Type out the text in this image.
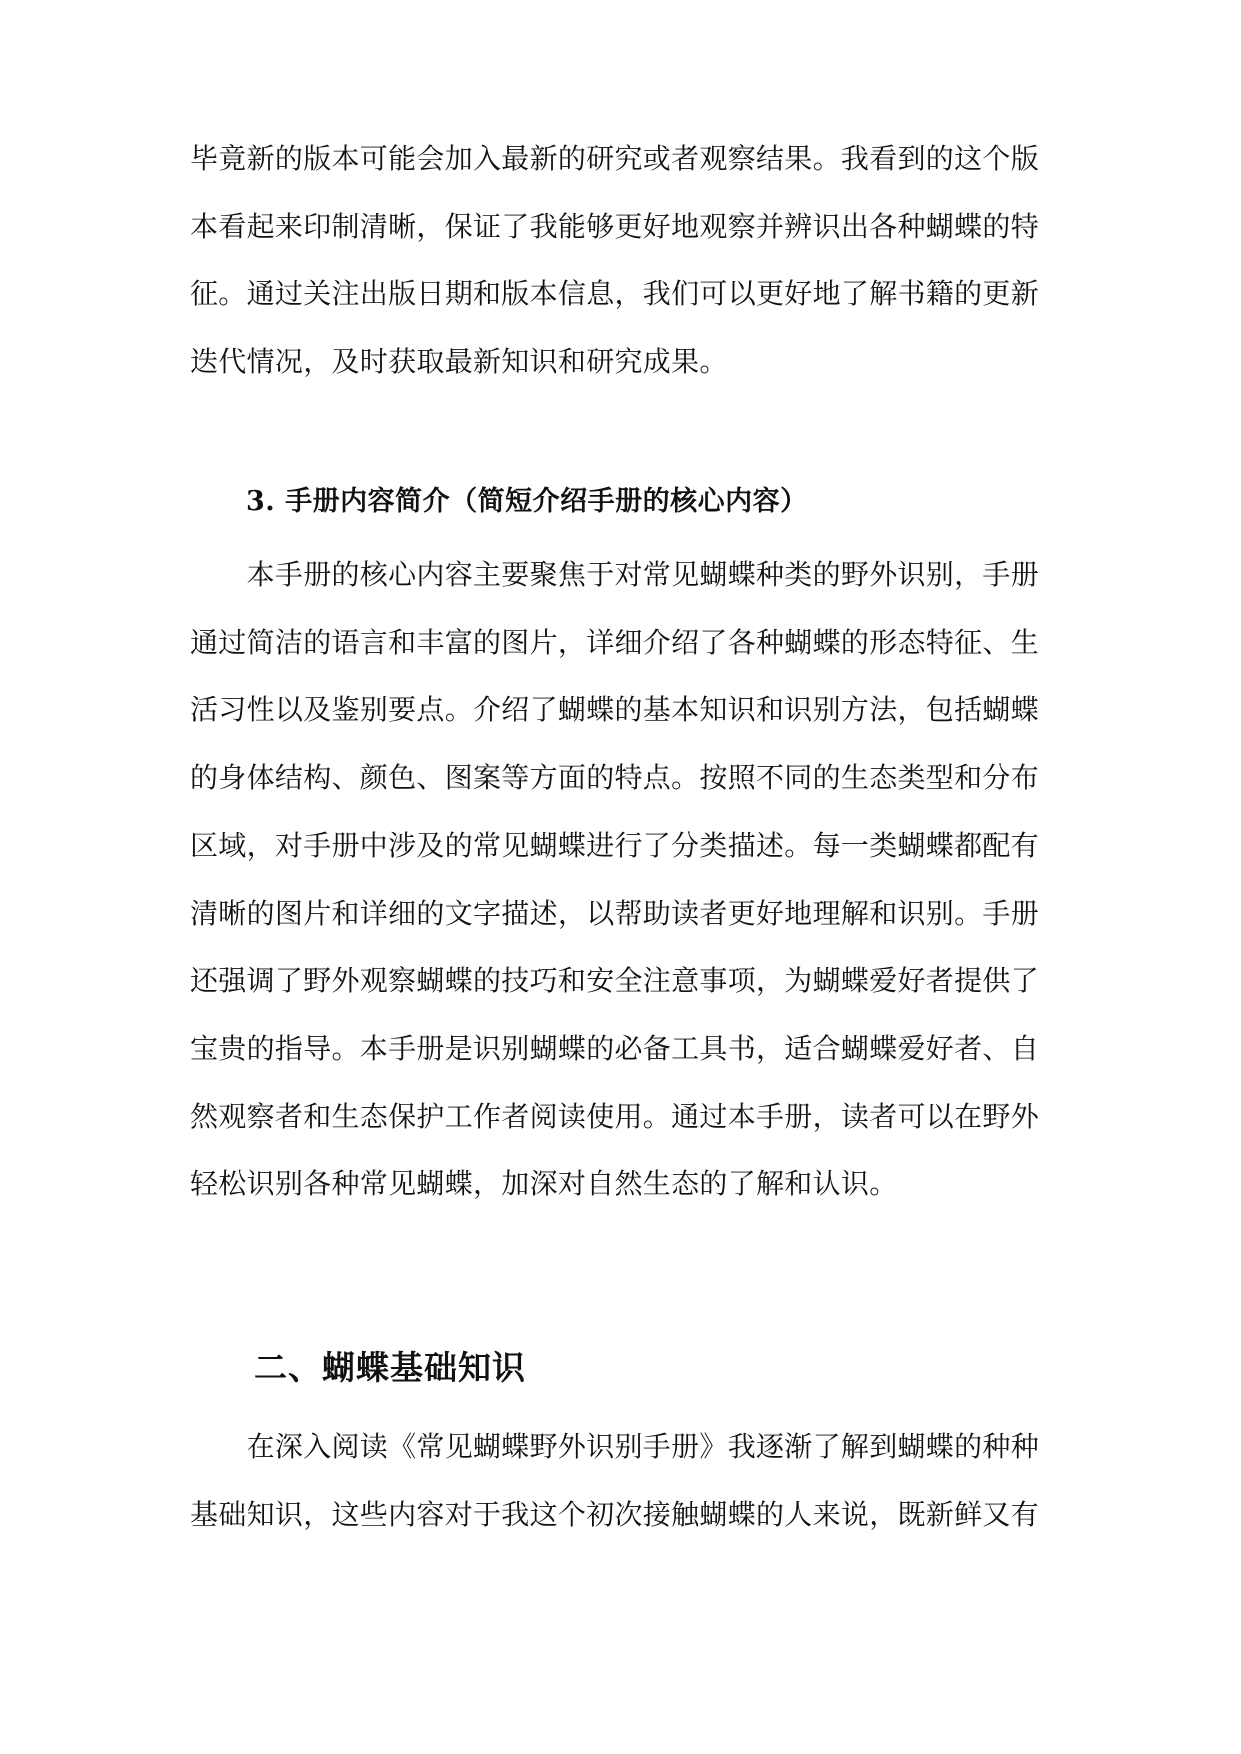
毕竟新的版本可能会加入最新的研究或者观察结果。我看到的这个版
本看起来印制清晰，保证了我能够更好地观察并辨识出各种蝴蝶的特
征。通过关注出版日期和版本信息，我们可以更好地了解书籍的更新
迭代情况，及时获取最新知识和研究成果。
3. 手册内容简介（简短介绍手册的核心内容）
　　本手册的核心内容主要聚焦于对常见蝴蝶种类的野外识别，手册
通过简洁的语言和丰富的图片，详细介绍了各种蝴蝶的形态特征、生
活习性以及鉴别要点。介绍了蝴蝶的基本知识和识别方法，包括蝴蝶
的身体结构、颜色、图案等方面的特点。按照不同的生态类型和分布
区域，对手册中涉及的常见蝴蝶进行了分类描述。每一类蝴蝶都配有
清晰的图片和详细的文字描述，以帮助读者更好地理解和识别。手册
还强调了野外观察蝴蝶的技巧和安全注意事项，为蝴蝶爱好者提供了
宝贵的指导。本手册是识别蝴蝶的必备工具书，适合蝴蝶爱好者、自
然观察者和生态保护工作者阅读使用。通过本手册，读者可以在野外
轻松识别各种常见蝴蝶，加深对自然生态的了解和认识。
二、蝴蝶基础知识
　　在深入阅读《常见蝴蝶野外识别手册》我逐渐了解到蝴蝶的种种
基础知识，这些内容对于我这个初次接触蝴蝶的人来说，既新鲜又有
